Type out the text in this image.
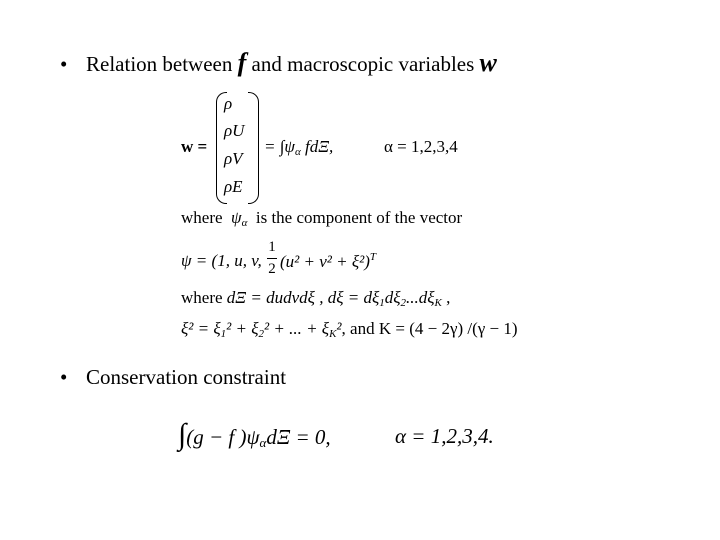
• Relation between f and macroscopic variables w
w =
ρ
ρU
ρV
ρE
= $\int\psi_\alpha$ fdΞ,	α = 1,2,3,4
where $\psi_\alpha$ is the component of the vector
ψ = (1, u, v,
1
2 $(u^2 + v^2 + \xi^2)^T$
where dΞ = dudvdξ , $d\xi = d\xi_1d\xi_2...d\xi_K$ ,
$\xi^2 = \xi_1^2 + \xi_2^2$ + ... + $\xi_K^2$, and K = (4 − 2γ) /(γ − 1)
• Conservation constraint
∫(g − f )$\psi_\alpha d\Xi = 0$,	α = 1,2,3,4.
